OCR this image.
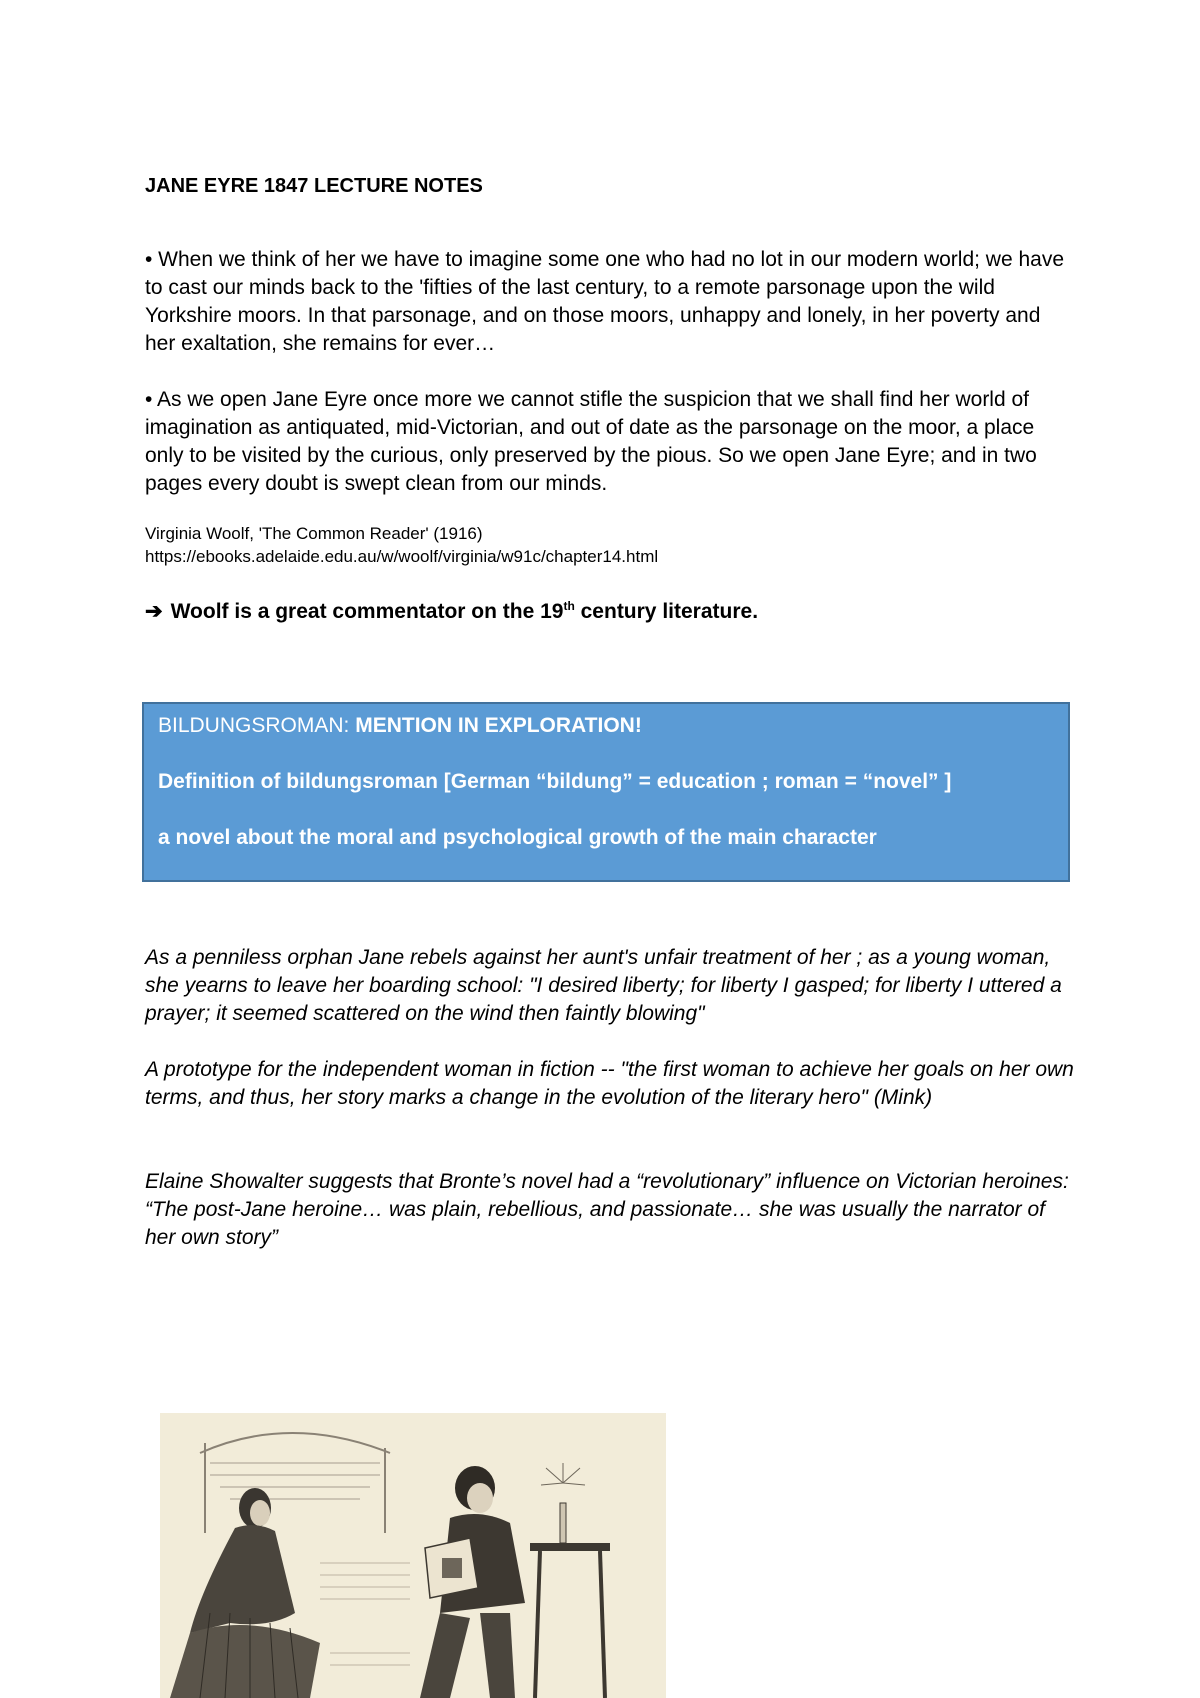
JANE EYRE 1847 LECTURE NOTES

• When we think of her we have to imagine some one who had no lot in our modern world; we have to cast our minds back to the 'fifties of the last century, to a remote parsonage upon the wild Yorkshire moors. In that parsonage, and on those moors, unhappy and lonely, in her poverty and her exaltation, she remains for ever…

• As we open Jane Eyre once more we cannot stifle the suspicion that we shall find her world of imagination as antiquated, mid-Victorian, and out of date as the parsonage on the moor, a place only to be visited by the curious, only preserved by the pious. So we open Jane Eyre; and in two pages every doubt is swept clean from our minds.

Virginia Woolf, 'The Common Reader' (1916)
https://ebooks.adelaide.edu.au/w/woolf/virginia/w91c/chapter14.html
➔ Woolf is a great commentator on the 19th century literature.
BILDUNGSROMAN: MENTION IN EXPLORATION!
Definition of bildungsroman [German “bildung” = education ; roman = “novel” ]
a novel about the moral and psychological growth of the main character

As a penniless orphan Jane rebels against her aunt's unfair treatment of her ; as a young woman, she yearns to leave her boarding school: "I desired liberty; for liberty I gasped; for liberty I uttered a prayer; it seemed scattered on the wind then faintly blowing"

A prototype for the independent woman in fiction -- "the first woman to achieve her goals on her own terms, and thus, her story marks a change in the evolution of the literary hero" (Mink)

Elaine Showalter suggests that Bronte’s novel had a “revolutionary” influence on Victorian heroines: “The post-Jane heroine… was plain, rebellious, and passionate… she was usually the narrator of her own story”
